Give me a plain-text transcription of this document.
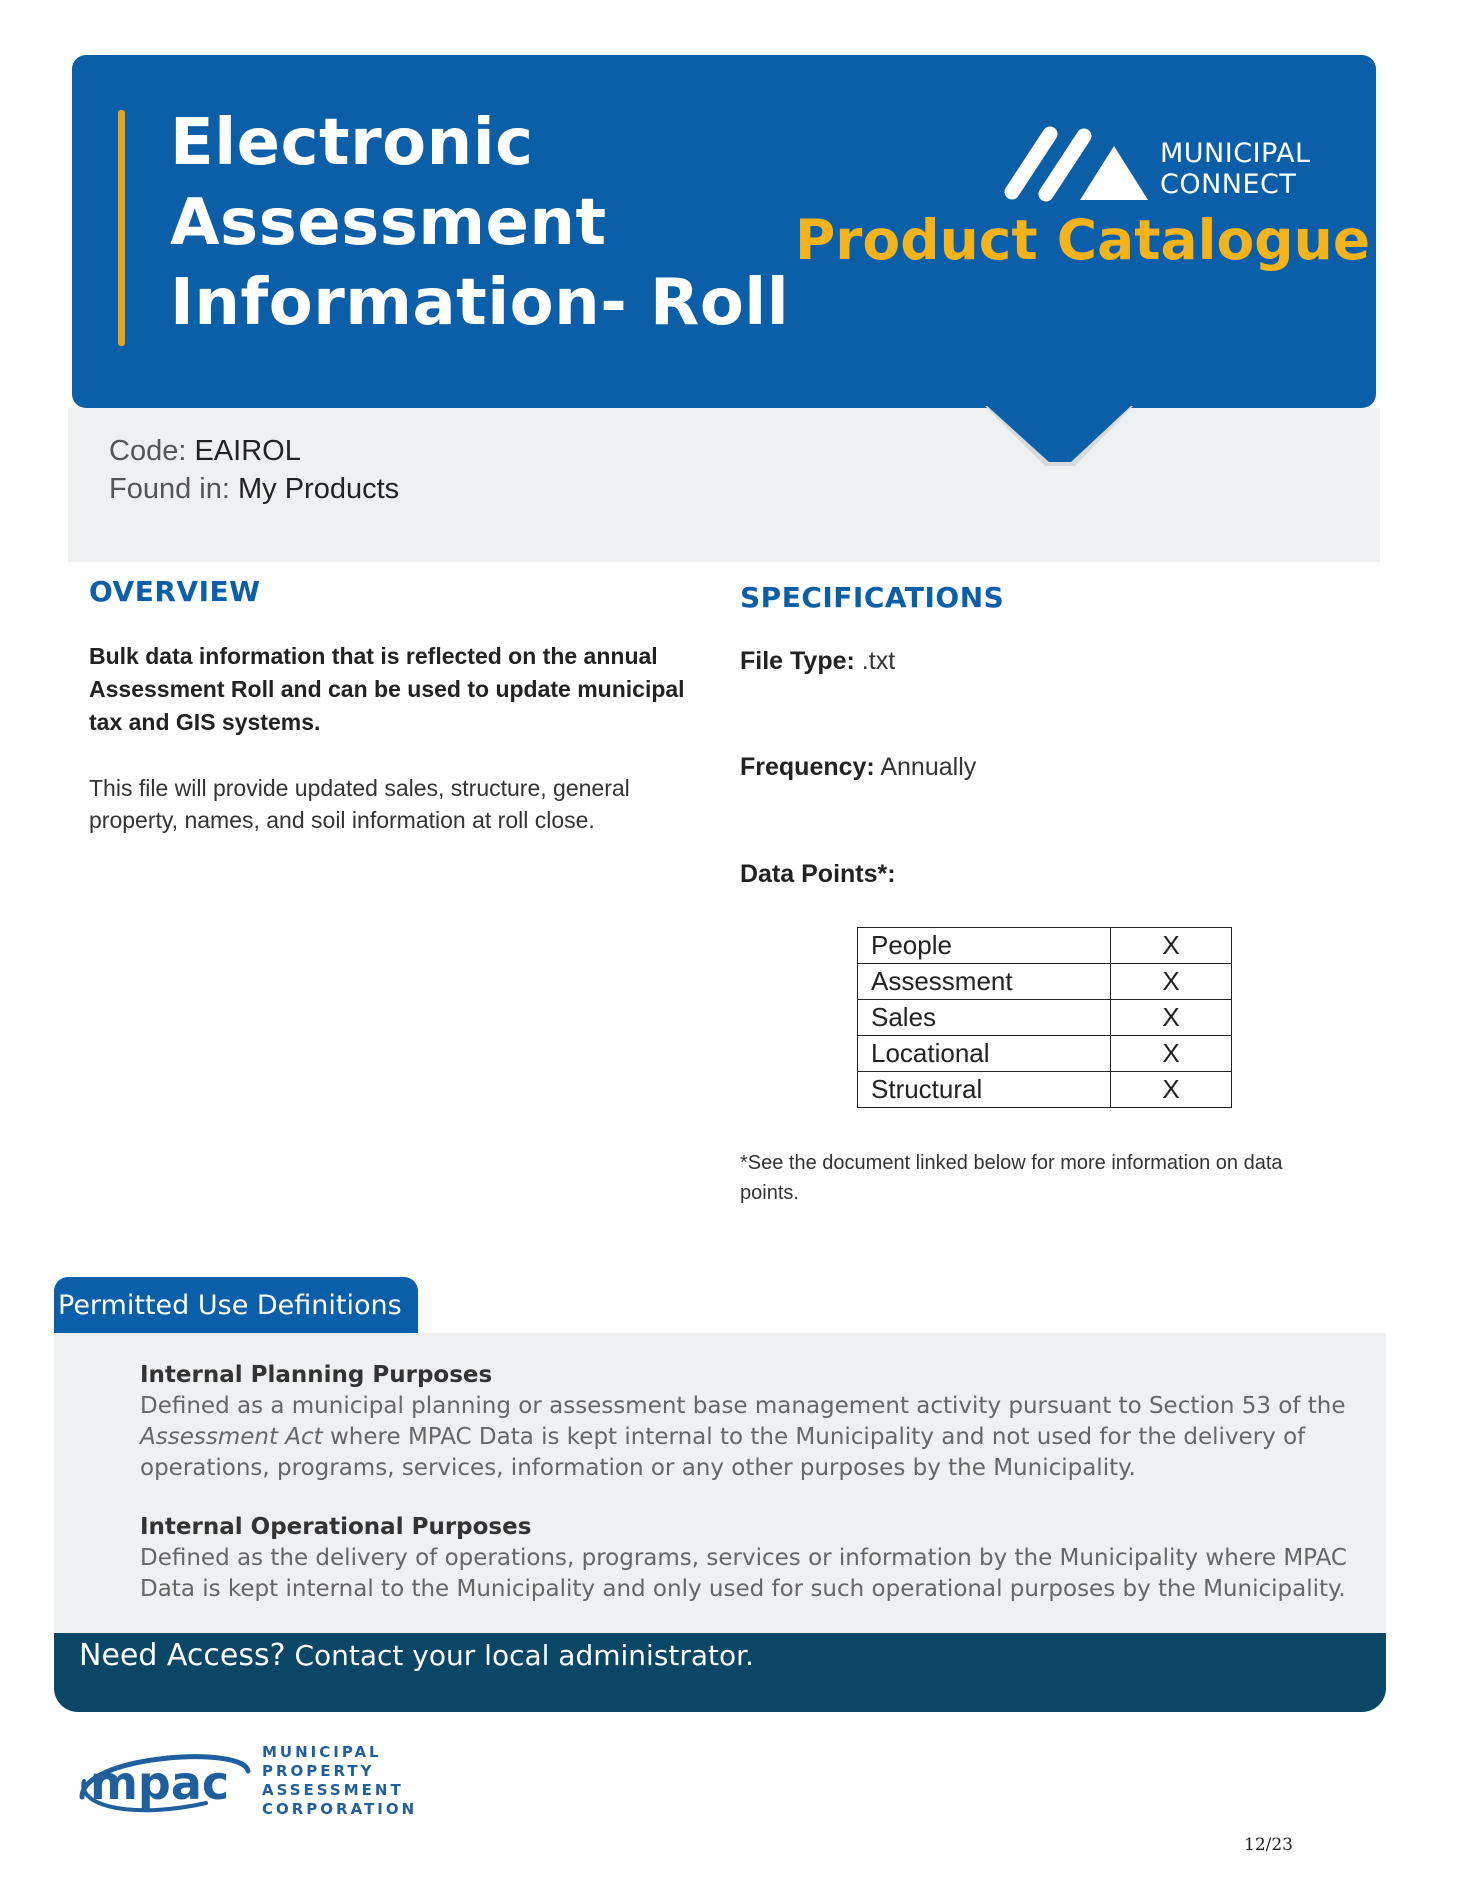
Electronic
Assessment
Information- Roll
MUNICIPAL
CONNECT
Product Catalogue
Code: EAIROL
Found in: My Products
OVERVIEW

Bulk data information that is reflected on the annual Assessment Roll and can be used to update municipal tax and GIS systems.

This file will provide updated sales, structure, general property, names, and soil information at roll close.

SPECIFICATIONS
File Type: .txt
Frequency: Annually
Data Points*:
People	X
Assessment	X
Sales	X
Locational	X
Structural	X

*See the document linked below for more information on data points.

Permitted Use Definitions
Internal Planning Purposes

Defined as a municipal planning or assessment base management activity pursuant to Section 53 of the Assessment Act where MPAC Data is kept internal to the Municipality and not used for the delivery of operations, programs, services, information or any other purposes by the Municipality.

Internal Operational Purposes

Defined as the delivery of operations, programs, services or information by the Municipality where MPAC Data is kept internal to the Municipality and only used for such operational purposes by the Municipality.

Need Access? Contact your local administrator.
mpac
MUNICIPAL
PROPERTY
ASSESSMENT
CORPORATION
12/23
